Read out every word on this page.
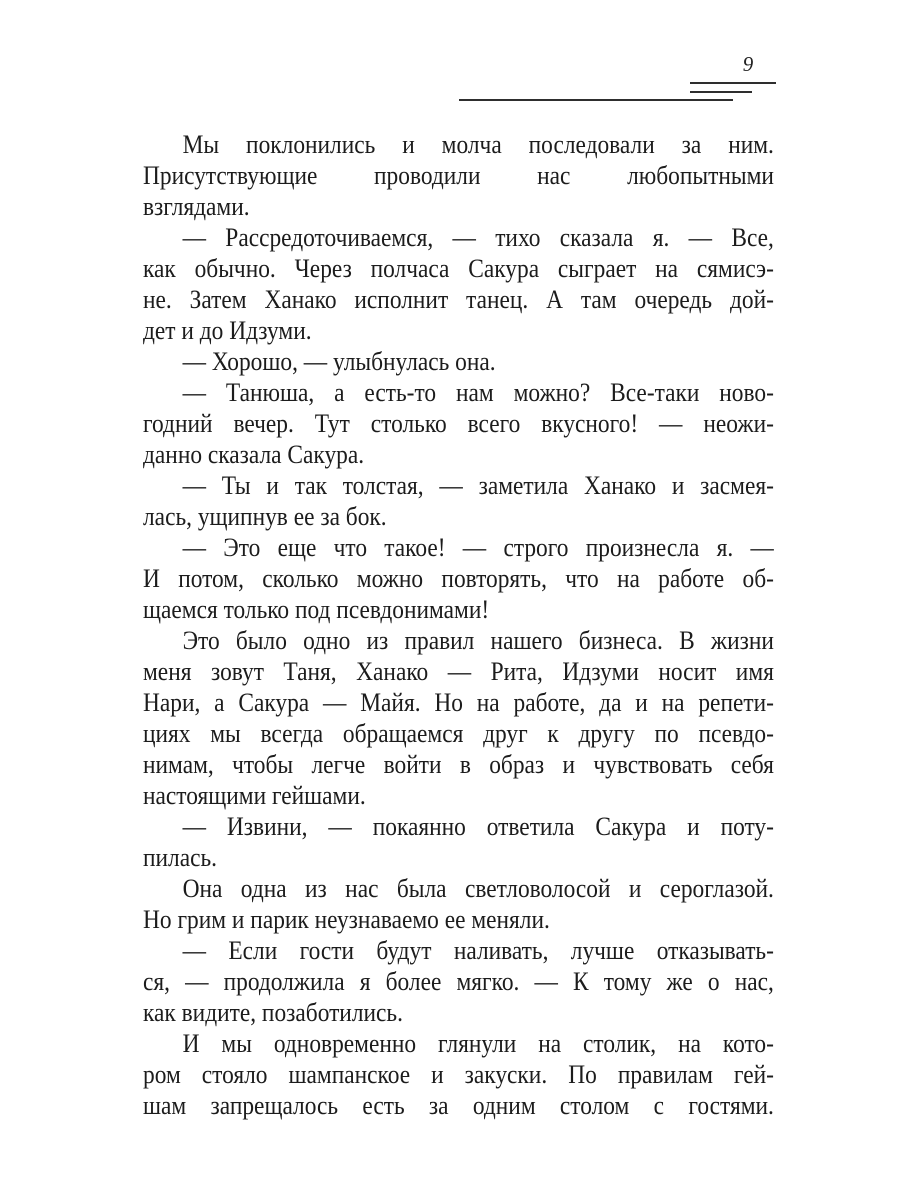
9
Мы поклонились и молча последовали за ним.
Присутствующие проводили нас любопытными
взглядами.
— Рассредоточиваемся, — тихо сказала я. — Все,
как обычно. Через полчаса Сакура сыграет на сямисэ-
не. Затем Ханако исполнит танец. А там очередь дой-
дет и до Идзуми.
— Хорошо, — улыбнулась она.
— Танюша, а есть-то нам можно? Все-таки ново-
годний вечер. Тут столько всего вкусного! — неожи-
данно сказала Сакура.
— Ты и так толстая, — заметила Ханако и засмея-
лась, ущипнув ее за бок.
— Это еще что такое! — строго произнесла я. —
И потом, сколько можно повторять, что на работе об-
щаемся только под псевдонимами!
Это было одно из правил нашего бизнеса. В жизни
меня зовут Таня, Ханако — Рита, Идзуми носит имя
Нари, а Сакура — Майя. Но на работе, да и на репети-
циях мы всегда обращаемся друг к другу по псевдо-
нимам, чтобы легче войти в образ и чувствовать себя
настоящими гейшами.
— Извини, — покаянно ответила Сакура и поту-
пилась.
Она одна из нас была светловолосой и сероглазой.
Но грим и парик неузнаваемо ее меняли.
— Если гости будут наливать, лучше отказывать-
ся, — продолжила я более мягко. — К тому же о нас,
как видите, позаботились.
И мы одновременно глянули на столик, на кото-
ром стояло шампанское и закуски. По правилам гей-
шам запрещалось есть за одним столом с гостями.
